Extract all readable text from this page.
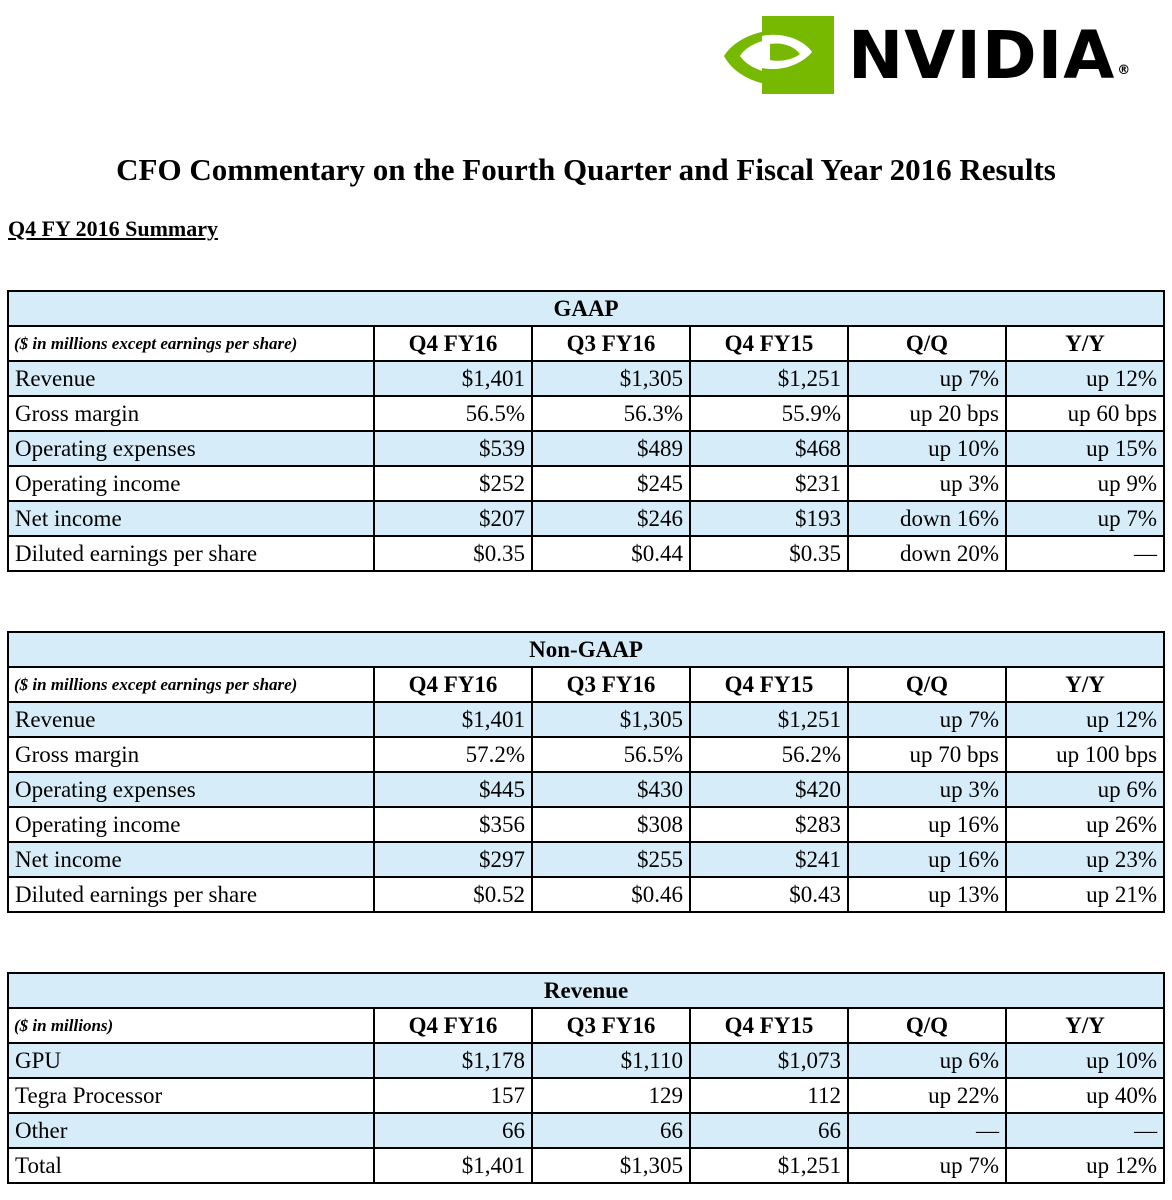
NVIDIA ®
CFO Commentary on the Fourth Quarter and Fiscal Year 2016 Results
Q4 FY 2016 Summary
GAAP					
($ in millions except earnings per share)	Q4 FY16	Q3 FY16	Q4 FY15	Q/Q	Y/Y
Revenue	$1,401	$1,305	$1,251	up 7%	up 12%
Gross margin	56.5%	56.3%	55.9%	up 20 bps	up 60 bps
Operating expenses	$539	$489	$468	up 10%	up 15%
Operating income	$252	$245	$231	up 3%	up 9%
Net income	$207	$246	$193	down 16%	up 7%
Diluted earnings per share	$0.35	$0.44	$0.35	down 20%	—
Non-GAAP					
($ in millions except earnings per share)	Q4 FY16	Q3 FY16	Q4 FY15	Q/Q	Y/Y
Revenue	$1,401	$1,305	$1,251	up 7%	up 12%
Gross margin	57.2%	56.5%	56.2%	up 70 bps	up 100 bps
Operating expenses	$445	$430	$420	up 3%	up 6%
Operating income	$356	$308	$283	up 16%	up 26%
Net income	$297	$255	$241	up 16%	up 23%
Diluted earnings per share	$0.52	$0.46	$0.43	up 13%	up 21%
Revenue					
($ in millions)	Q4 FY16	Q3 FY16	Q4 FY15	Q/Q	Y/Y
GPU	$1,178	$1,110	$1,073	up 6%	up 10%
Tegra Processor	157	129	112	up 22%	up 40%
Other	66	66	66	—	—
Total	$1,401	$1,305	$1,251	up 7%	up 12%
